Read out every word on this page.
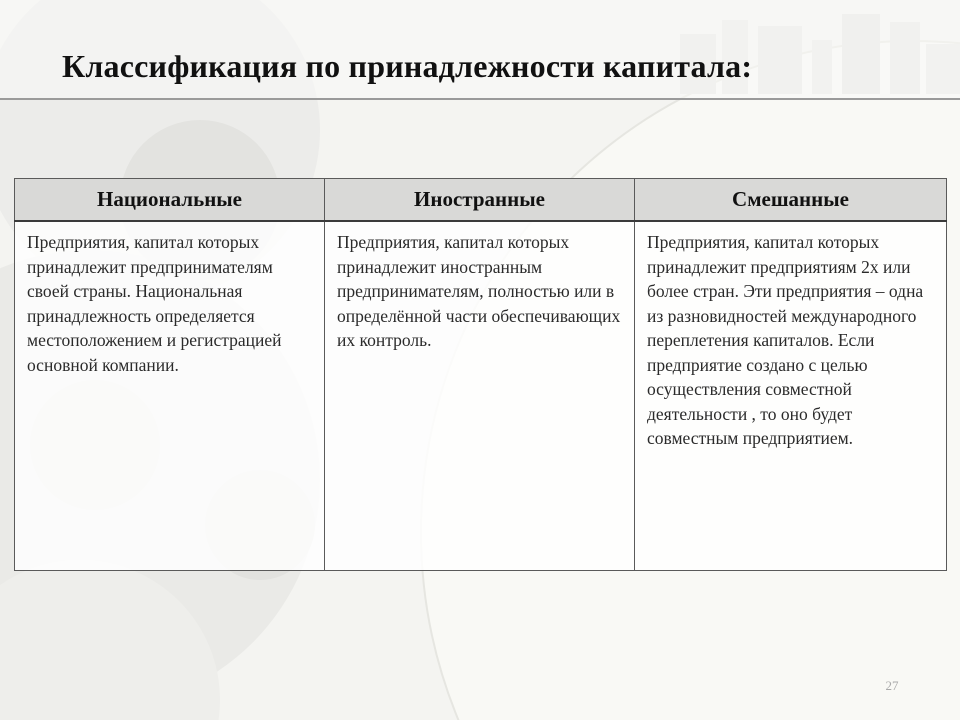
Классификация по принадлежности капитала:
Национальные	Иностранные	Смешанные
Предприятия, капитал которых принадлежит предпринимателям своей страны. Национальная принадлежность определяется местоположением и регистрацией основной компании.	Предприятия, капитал которых принадлежит иностранным предпринимателям, полностью или в определённой части обеспечивающих их контроль.	Предприятия, капитал которых принадлежит предприятиям 2х или более стран. Эти предприятия – одна из разновидностей международного переплетения капиталов. Если предприятие создано с целью осуществления совместной деятельности , то оно будет совместным предприятием.
27
